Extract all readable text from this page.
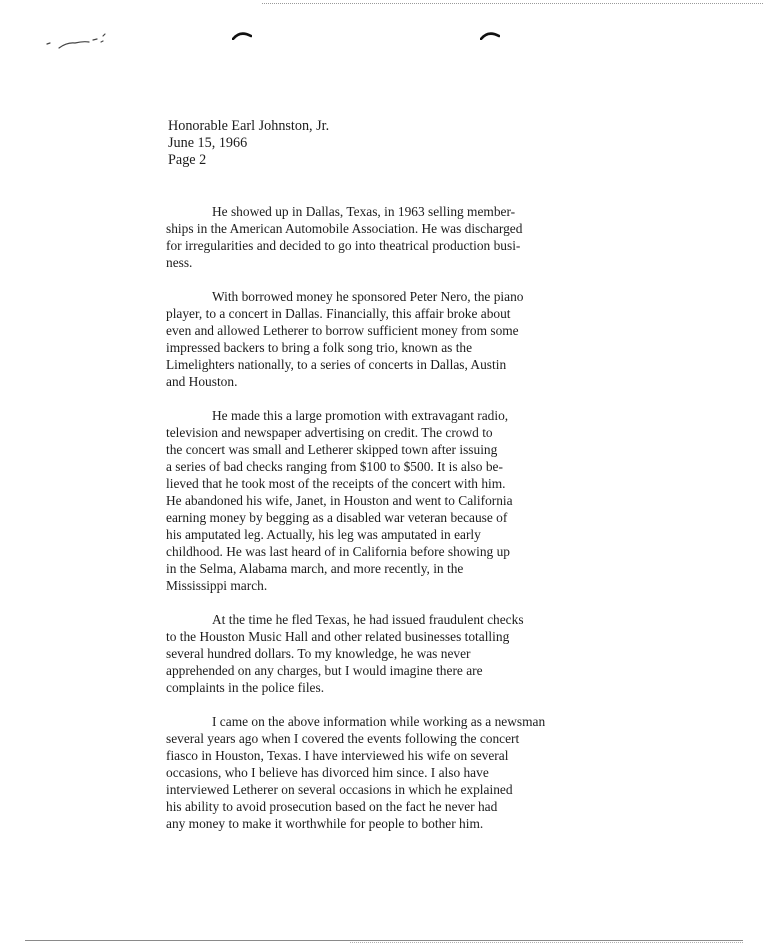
Honorable Earl Johnston, Jr.
June 15, 1966
Page 2
He showed up in Dallas, Texas, in 1963 selling member-
ships in the American Automobile Association. He was discharged
for irregularities and decided to go into theatrical production busi-
ness.
With borrowed money he sponsored Peter Nero, the piano
player, to a concert in Dallas. Financially, this affair broke about
even and allowed Letherer to borrow sufficient money from some
impressed backers to bring a folk song trio, known as the
Limelighters nationally, to a series of concerts in Dallas, Austin
and Houston.
He made this a large promotion with extravagant radio,
television and newspaper advertising on credit. The crowd to
the concert was small and Letherer skipped town after issuing
a series of bad checks ranging from $100 to $500. It is also be-
lieved that he took most of the receipts of the concert with him.
He abandoned his wife, Janet, in Houston and went to California
earning money by begging as a disabled war veteran because of
his amputated leg. Actually, his leg was amputated in early
childhood. He was last heard of in California before showing up
in the Selma, Alabama march, and more recently, in the
Mississippi march.
At the time he fled Texas, he had issued fraudulent checks
to the Houston Music Hall and other related businesses totalling
several hundred dollars. To my knowledge, he was never
apprehended on any charges, but I would imagine there are
complaints in the police files.
I came on the above information while working as a newsman
several years ago when I covered the events following the concert
fiasco in Houston, Texas. I have interviewed his wife on several
occasions, who I believe has divorced him since. I also have
interviewed Letherer on several occasions in which he explained
his ability to avoid prosecution based on the fact he never had
any money to make it worthwhile for people to bother him.
